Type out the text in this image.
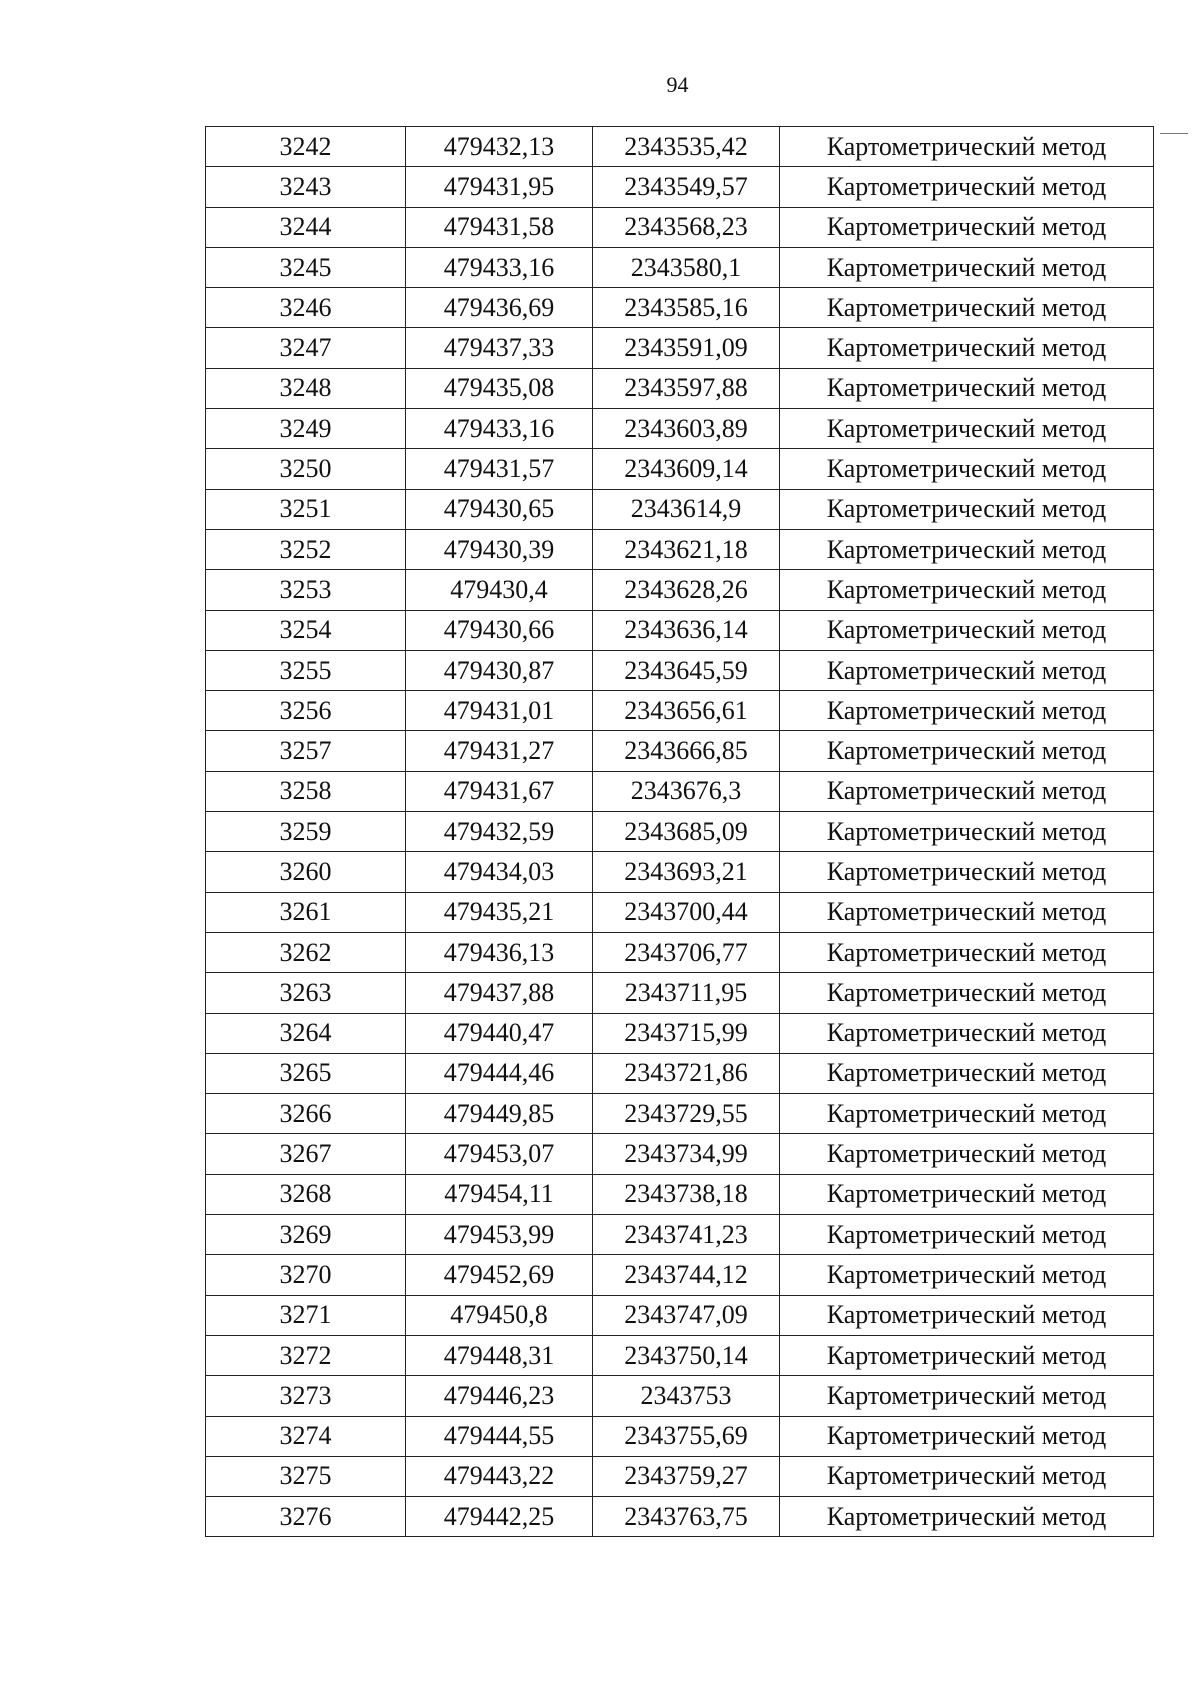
94
3242	479432,13	2343535,42	Картометрический метод
3243	479431,95	2343549,57	Картометрический метод
3244	479431,58	2343568,23	Картометрический метод
3245	479433,16	2343580,1	Картометрический метод
3246	479436,69	2343585,16	Картометрический метод
3247	479437,33	2343591,09	Картометрический метод
3248	479435,08	2343597,88	Картометрический метод
3249	479433,16	2343603,89	Картометрический метод
3250	479431,57	2343609,14	Картометрический метод
3251	479430,65	2343614,9	Картометрический метод
3252	479430,39	2343621,18	Картометрический метод
3253	479430,4	2343628,26	Картометрический метод
3254	479430,66	2343636,14	Картометрический метод
3255	479430,87	2343645,59	Картометрический метод
3256	479431,01	2343656,61	Картометрический метод
3257	479431,27	2343666,85	Картометрический метод
3258	479431,67	2343676,3	Картометрический метод
3259	479432,59	2343685,09	Картометрический метод
3260	479434,03	2343693,21	Картометрический метод
3261	479435,21	2343700,44	Картометрический метод
3262	479436,13	2343706,77	Картометрический метод
3263	479437,88	2343711,95	Картометрический метод
3264	479440,47	2343715,99	Картометрический метод
3265	479444,46	2343721,86	Картометрический метод
3266	479449,85	2343729,55	Картометрический метод
3267	479453,07	2343734,99	Картометрический метод
3268	479454,11	2343738,18	Картометрический метод
3269	479453,99	2343741,23	Картометрический метод
3270	479452,69	2343744,12	Картометрический метод
3271	479450,8	2343747,09	Картометрический метод
3272	479448,31	2343750,14	Картометрический метод
3273	479446,23	2343753	Картометрический метод
3274	479444,55	2343755,69	Картометрический метод
3275	479443,22	2343759,27	Картометрический метод
3276	479442,25	2343763,75	Картометрический метод
